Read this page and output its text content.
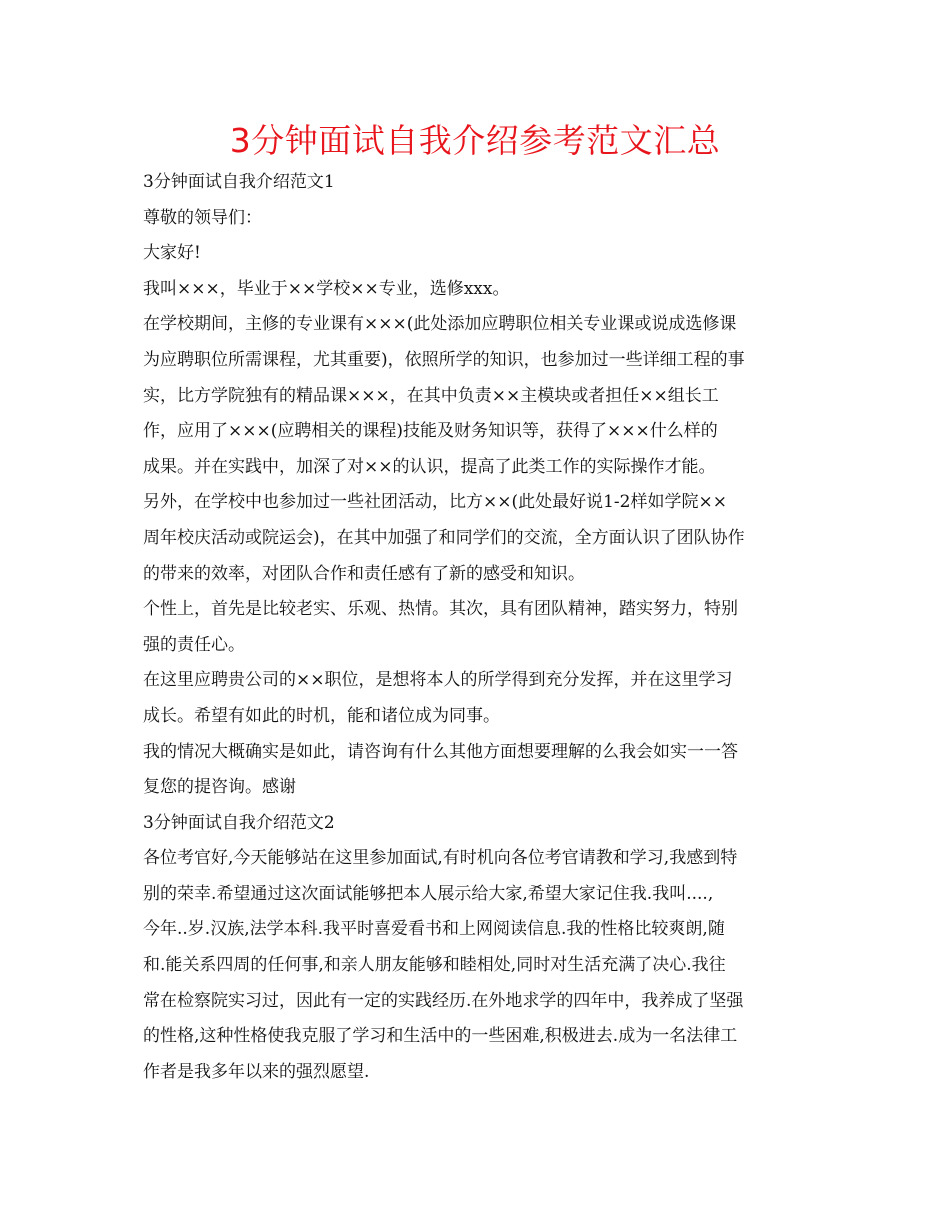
3分钟面试自我介绍参考范文汇总
3分钟面试自我介绍范文1
尊敬的领导们：
大家好!
我叫×××，毕业于××学校××专业，选修xxx。
在学校期间，主修的专业课有×××(此处添加应聘职位相关专业课或说成选修课
为应聘职位所需课程，尤其重要)，依照所学的知识，也参加过一些详细工程的事
实，比方学院独有的精品课×××，在其中负责××主模块或者担任××组长工
作，应用了×××(应聘相关的课程)技能及财务知识等，获得了×××什么样的
成果。并在实践中，加深了对××的认识，提高了此类工作的实际操作才能。
另外，在学校中也参加过一些社团活动，比方××(此处最好说1-2样如学院××
周年校庆活动或院运会)，在其中加强了和同学们的交流，全方面认识了团队协作
的带来的效率，对团队合作和责任感有了新的感受和知识。
个性上，首先是比较老实、乐观、热情。其次，具有团队精神，踏实努力，特别
强的责任心。
在这里应聘贵公司的××职位，是想将本人的所学得到充分发挥，并在这里学习
成长。希望有如此的时机，能和诸位成为同事。
我的情况大概确实是如此，请咨询有什么其他方面想要理解的么我会如实一一答
复您的提咨询。感谢
3分钟面试自我介绍范文2
各位考官好,今天能够站在这里参加面试,有时机向各位考官请教和学习,我感到特
别的荣幸.希望通过这次面试能够把本人展示给大家,希望大家记住我.我叫....,
今年..岁.汉族,法学本科.我平时喜爱看书和上网阅读信息.我的性格比较爽朗,随
和.能关系四周的任何事,和亲人朋友能够和睦相处,同时对生活充满了决心.我往
常在检察院实习过，因此有一定的实践经历.在外地求学的四年中，我养成了坚强
的性格,这种性格使我克服了学习和生活中的一些困难,积极进去.成为一名法律工
作者是我多年以来的强烈愿望.
